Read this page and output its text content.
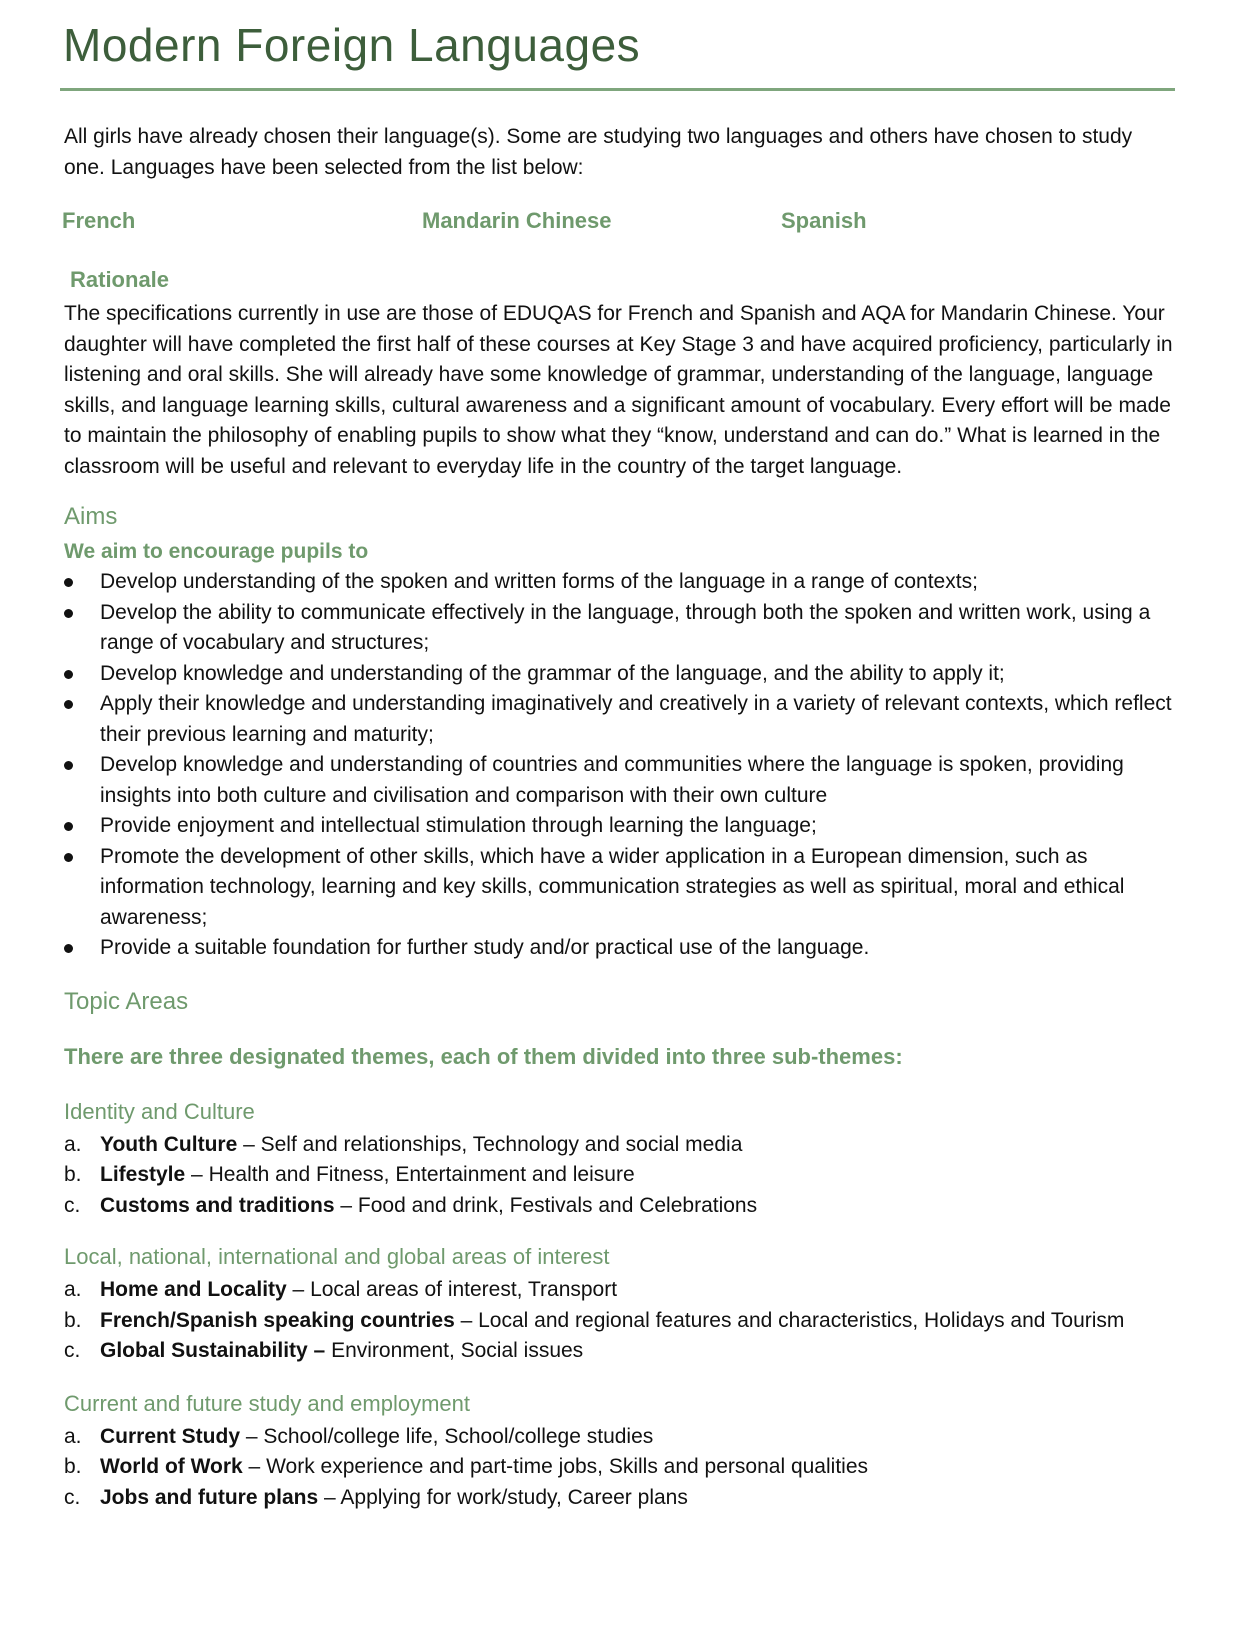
Modern Foreign Languages

All girls have already chosen their language(s). Some are studying two languages and others have chosen to study one. Languages have been selected from the list below:

French	Mandarin Chinese	Spanish
Rationale

The specifications currently in use are those of EDUQAS for French and Spanish and AQA for Mandarin Chinese. Your daughter will have completed the first half of these courses at Key Stage 3 and have acquired proficiency, particularly in listening and oral skills. She will already have some knowledge of grammar, understanding of the language, language skills, and language learning skills, cultural awareness and a significant amount of vocabulary. Every effort will be made to maintain the philosophy of enabling pupils to show what they “know, understand and can do.” What is learned in the classroom will be useful and relevant to everyday life in the country of the target language.

Aims
We aim to encourage pupils to
Develop understanding of the spoken and written forms of the language in a range of contexts;
Develop the ability to communicate effectively in the language, through both the spoken and written work, using a range of vocabulary and structures;
Develop knowledge and understanding of the grammar of the language, and the ability to apply it;
Apply their knowledge and understanding imaginatively and creatively in a variety of relevant contexts, which reflect their previous learning and maturity;
Develop knowledge and understanding of countries and communities where the language is spoken, providing insights into both culture and civilisation and comparison with their own culture
Provide enjoyment and intellectual stimulation through learning the language;
Promote the development of other skills, which have a wider application in a European dimension, such as information technology, learning and key skills, communication strategies as well as spiritual, moral and ethical awareness;
Provide a suitable foundation for further study and/or practical use of the language.
Topic Areas
There are three designated themes, each of them divided into three sub-themes:
Identity and Culture
a. Youth Culture – Self and relationships, Technology and social media
b. Lifestyle – Health and Fitness, Entertainment and leisure
c. Customs and traditions – Food and drink, Festivals and Celebrations
Local, national, international and global areas of interest
a. Home and Locality – Local areas of interest, Transport
b. French/Spanish speaking countries – Local and regional features and characteristics, Holidays and Tourism
c. Global Sustainability – Environment, Social issues
Current and future study and employment
a. Current Study – School/college life, School/college studies
b. World of Work – Work experience and part-time jobs, Skills and personal qualities
c. Jobs and future plans – Applying for work/study, Career plans
